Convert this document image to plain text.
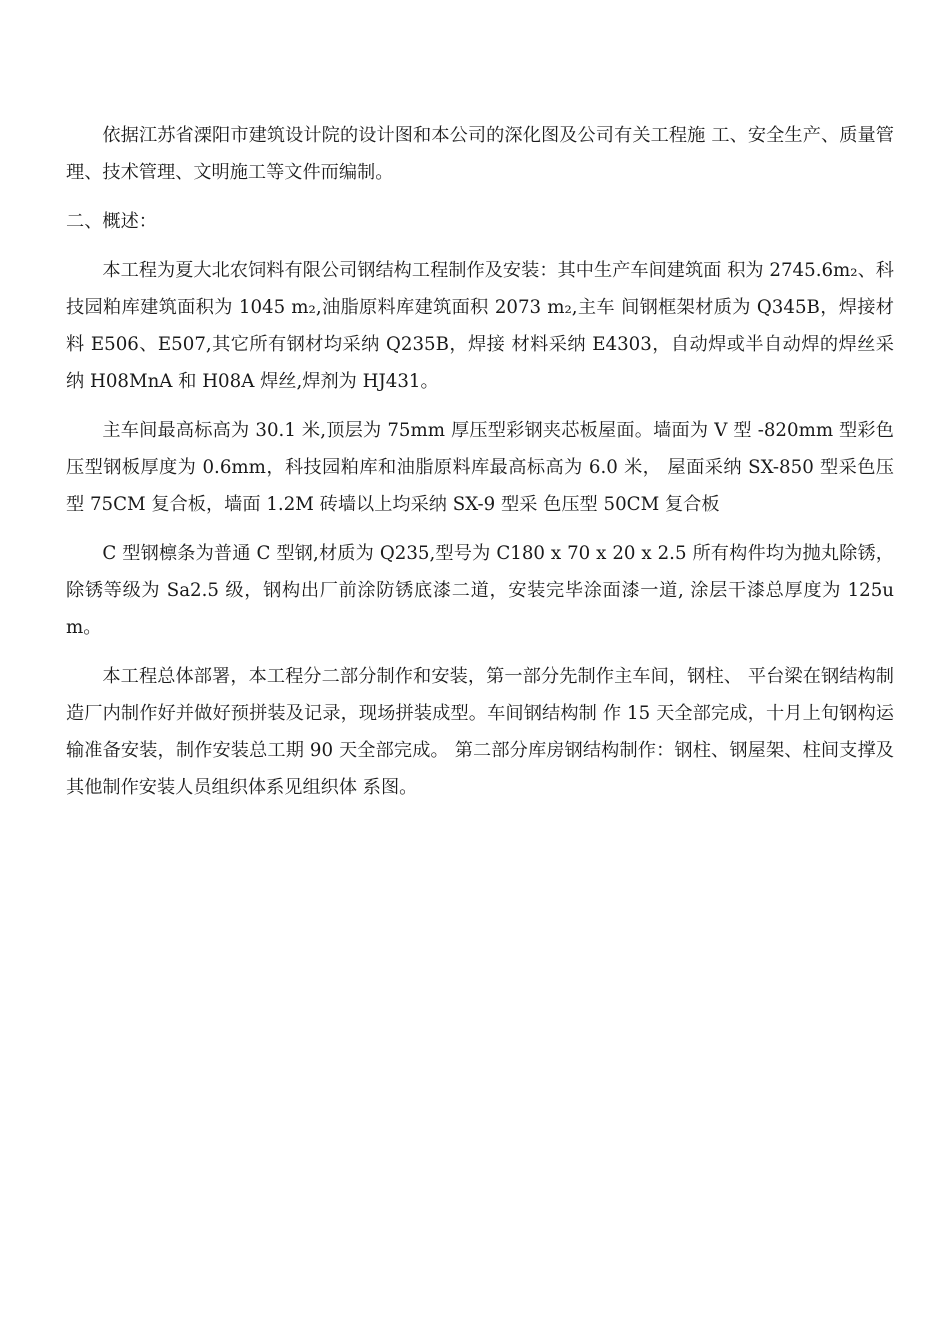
依据江苏省溧阳市建筑设计院的设计图和本公司的深化图及公司有关工程施 工、安全生产、质量管理、技术管理、文明施工等文件而编制。

二、概述：

本工程为夏大北农饲料有限公司钢结构工程制作及安装：其中生产车间建筑面 积为 2745.6m₂、科技园粕库建筑面积为 1045 m₂,油脂原料库建筑面积 2073 m₂,主车 间钢框架材质为 Q345B，焊接材料 E506、E507,其它所有钢材均采纳 Q235B，焊接 材料采纳 E4303，自动焊或半自动焊的焊丝采纳 H08MnA 和 H08A 焊丝,焊剂为 HJ431。

主车间最高标高为 30.1 米,顶层为 75mm 厚压型彩钢夹芯板屋面。墙面为 V 型 -820mm 型彩色压型钢板厚度为 0.6mm，科技园粕库和油脂原料库最高标高为 6.0 米， 屋面采纳 SX-850 型采色压型 75CM 复合板，墙面 1.2M 砖墙以上均采纳 SX-9 型采 色压型 50CM 复合板

C 型钢檩条为普通 C 型钢,材质为 Q235,型号为 C180 x 70 x 20 x 2.5 所有构件均为抛丸除锈，除锈等级为 Sa2.5 级，钢构出厂前涂防锈底漆二道，安装完毕涂面漆一道, 涂层干漆总厚度为 125um。

本工程总体部署，本工程分二部分制作和安装，第一部分先制作主车间，钢柱、 平台梁在钢结构制造厂内制作好并做好预拼装及记录，现场拼装成型。车间钢结构制 作 15 天全部完成，十月上旬钢构运输准备安装，制作安装总工期 90 天全部完成。 第二部分库房钢结构制作：钢柱、钢屋架、柱间支撑及其他制作安装人员组织体系见组织体 系图。
